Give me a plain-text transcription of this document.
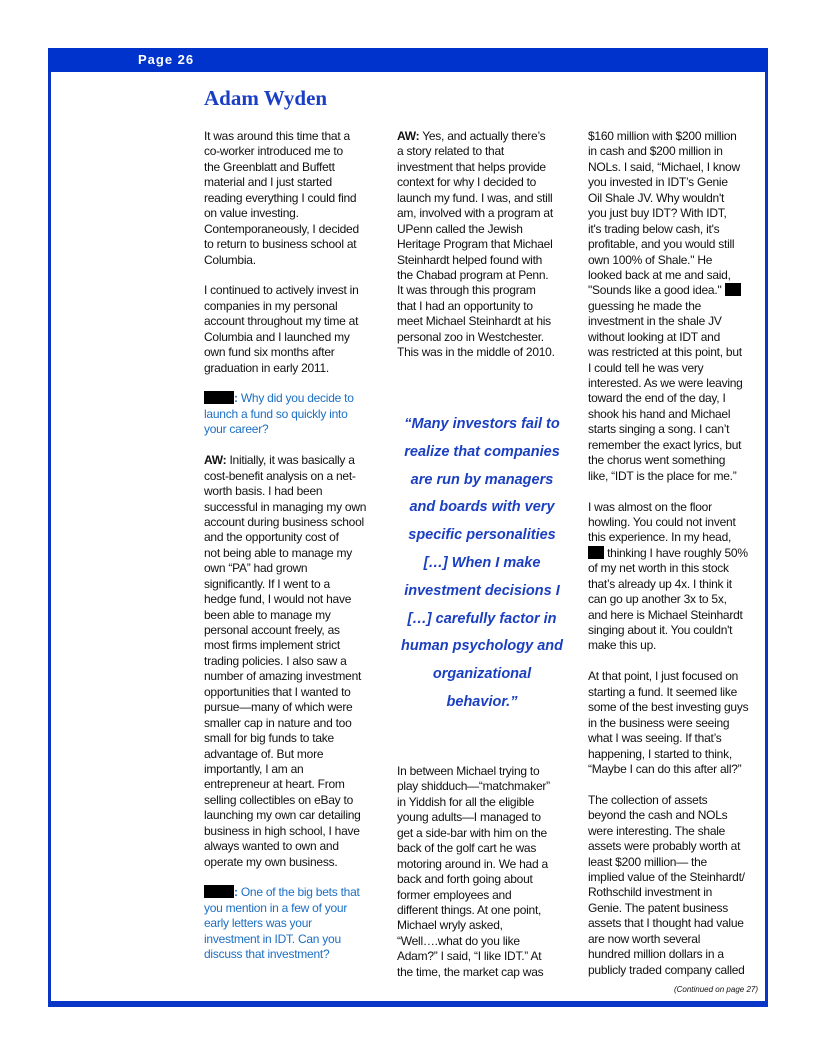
Page 26
Adam Wyden
It was around this time that a
co-worker introduced me to
the Greenblatt and Buffett
material and I just started
reading everything I could find
on value investing.
Contemporaneously, I decided
to return to business school at
Columbia.
I continued to actively invest in
companies in my personal
account throughout my time at
Columbia and I launched my
own fund six months after
graduation in early 2011.
: Why did you decide to
launch a fund so quickly into
your career?
AW: Initially, it was basically a
cost-benefit analysis on a net-
worth basis. I had been
successful in managing my own
account during business school
and the opportunity cost of
not being able to manage my
own “PA” had grown
significantly. If I went to a
hedge fund, I would not have
been able to manage my
personal account freely, as
most firms implement strict
trading policies. I also saw a
number of amazing investment
opportunities that I wanted to
pursue—many of which were
smaller cap in nature and too
small for big funds to take
advantage of. But more
importantly, I am an
entrepreneur at heart. From
selling collectibles on eBay to
launching my own car detailing
business in high school, I have
always wanted to own and
operate my own business.
: One of the big bets that
you mention in a few of your
early letters was your
investment in IDT. Can you
discuss that investment?
AW: Yes, and actually there’s
a story related to that
investment that helps provide
context for why I decided to
launch my fund. I was, and still
am, involved with a program at
UPenn called the Jewish
Heritage Program that Michael
Steinhardt helped found with
the Chabad program at Penn.
It was through this program
that I had an opportunity to
meet Michael Steinhardt at his
personal zoo in Westchester.
This was in the middle of 2010.
$160 million with $200 million
in cash and $200 million in
NOLs. I said, “Michael, I know
you invested in IDT’s Genie
Oil Shale JV. Why wouldn't
you just buy IDT? With IDT,
it's trading below cash, it's
profitable, and you would still
own 100% of Shale." He
looked back at me and said,
"Sounds like a good idea."
guessing he made the
investment in the shale JV
without looking at IDT and
was restricted at this point, but
I could tell he was very
interested. As we were leaving
toward the end of the day, I
shook his hand and Michael
starts singing a song. I can’t
remember the exact lyrics, but
the chorus went something
like, “IDT is the place for me.”
I was almost on the floor
howling. You could not invent
this experience. In my head,
thinking I have roughly 50%
of my net worth in this stock
that’s already up 4x. I think it
can go up another 3x to 5x,
and here is Michael Steinhardt
singing about it. You couldn't
make this up.
At that point, I just focused on
starting a fund. It seemed like
some of the best investing guys
in the business were seeing
what I was seeing. If that’s
happening, I started to think,
“Maybe I can do this after all?”
The collection of assets
beyond the cash and NOLs
were interesting. The shale
assets were probably worth at
least $200 million— the
implied value of the Steinhardt/
Rothschild investment in
Genie. The patent business
assets that I thought had value
are now worth several
hundred million dollars in a
publicly traded company called
In between Michael trying to
play shidduch—“matchmaker”
in Yiddish for all the eligible
young adults—I managed to
get a side-bar with him on the
back of the golf cart he was
motoring around in. We had a
back and forth going about
former employees and
different things. At one point,
Michael wryly asked,
“Well….what do you like
Adam?” I said, “I like IDT.” At
the time, the market cap was
“Many investors fail to
realize that companies
are run by managers
and boards with very
specific personalities
[…] When I make
investment decisions I
[…] carefully factor in
human psychology and
organizational
behavior.”
(Continued on page 27)
